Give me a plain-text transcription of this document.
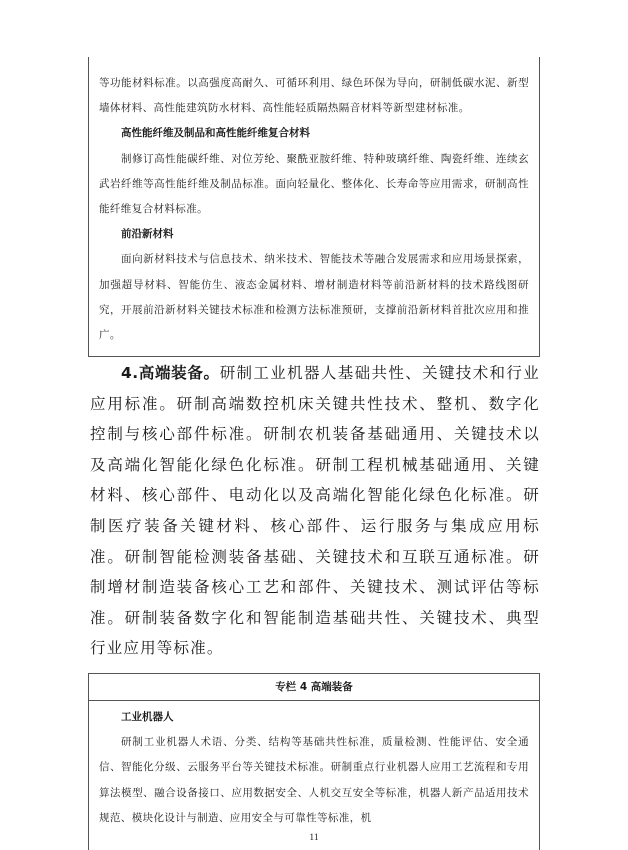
等功能材料标准。以高强度高耐久、可循环利用、绿色环保为导向，研制低碳水泥、新型墙体材料、高性能建筑防水材料、高性能轻质隔热隔音材料等新型建材标准。

高性能纤维及制品和高性能纤维复合材料

制修订高性能碳纤维、对位芳纶、聚酰亚胺纤维、特种玻璃纤维、陶瓷纤维、连续玄武岩纤维等高性能纤维及制品标准。面向轻量化、整体化、长寿命等应用需求，研制高性能纤维复合材料标准。

前沿新材料

面向新材料技术与信息技术、纳米技术、智能技术等融合发展需求和应用场景探索，加强超导材料、智能仿生、液态金属材料、增材制造材料等前沿新材料的技术路线图研究，开展前沿新材料关键技术标准和检测方法标准预研，支撑前沿新材料首批次应用和推广。

4.高端装备。研制工业机器人基础共性、关键技术和行业应用标准。研制高端数控机床关键共性技术、整机、数字化控制与核心部件标准。研制农机装备基础通用、关键技术以及高端化智能化绿色化标准。研制工程机械基础通用、关键材料、核心部件、电动化以及高端化智能化绿色化标准。研制医疗装备关键材料、核心部件、运行服务与集成应用标准。研制智能检测装备基础、关键技术和互联互通标准。研制增材制造装备核心工艺和部件、关键技术、测试评估等标准。研制装备数字化和智能制造基础共性、关键技术、典型行业应用等标准。

专栏 4 高端装备

工业机器人

研制工业机器人术语、分类、结构等基础共性标准，质量检测、性能评估、安全通信、智能化分级、云服务平台等关键技术标准。研制重点行业机器人应用工艺流程和专用算法模型、融合设备接口、应用数据安全、人机交互安全等标准，机器人新产品适用技术规范、模块化设计与制造、应用安全与可靠性等标准，机

11
